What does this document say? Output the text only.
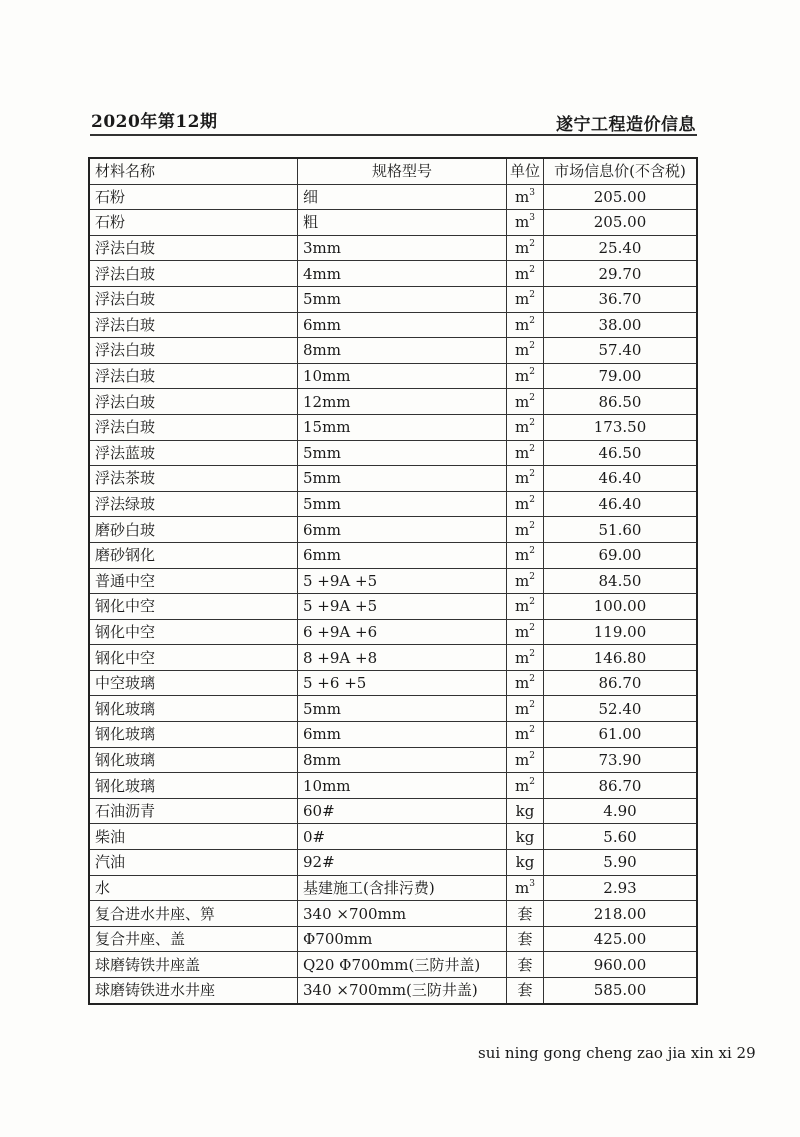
2020年第12期	遂宁工程造价信息
材料名称	规格型号	单位	市场信息价(不含税)
石粉	细	$m^3$	205.00
石粉	粗	$m^3$	205.00
浮法白玻	3mm	$m^2$	25.40
浮法白玻	4mm	$m^2$	29.70
浮法白玻	5mm	$m^2$	36.70
浮法白玻	6mm	$m^2$	38.00
浮法白玻	8mm	$m^2$	57.40
浮法白玻	10mm	$m^2$	79.00
浮法白玻	12mm	$m^2$	86.50
浮法白玻	15mm	$m^2$	173.50
浮法蓝玻	5mm	$m^2$	46.50
浮法茶玻	5mm	$m^2$	46.40
浮法绿玻	5mm	$m^2$	46.40
磨砂白玻	6mm	$m^2$	51.60
磨砂钢化	6mm	$m^2$	69.00
普通中空	5 +9A +5	$m^2$	84.50
钢化中空	5 +9A +5	$m^2$	100.00
钢化中空	6 +9A +6	$m^2$	119.00
钢化中空	8 +9A +8	$m^2$	146.80
中空玻璃	5 +6 +5	$m^2$	86.70
钢化玻璃	5mm	$m^2$	52.40
钢化玻璃	6mm	$m^2$	61.00
钢化玻璃	8mm	$m^2$	73.90
钢化玻璃	10mm	$m^2$	86.70
石油沥青	60#	kg	4.90
柴油	0#	kg	5.60
汽油	92#	kg	5.90
水	基建施工(含排污费)	$m^3$	2.93
复合进水井座、箅	340 ×700mm	套	218.00
复合井座、盖	Φ700mm	套	425.00
球磨铸铁井座盖	Q20 Φ700mm(三防井盖)	套	960.00
球磨铸铁进水井座	340 ×700mm(三防井盖)	套	585.00
sui ning gong cheng zao jia xin xi 29
